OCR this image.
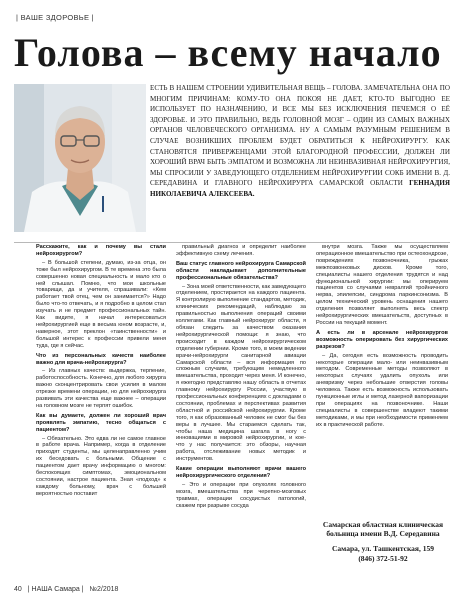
| ВАШЕ ЗДОРОВЬЕ |
Голова – всему начало
ЕСТЬ В НАШЕМ СТРОЕНИИ УДИВИТЕЛЬНАЯ ВЕЩЬ – ГОЛОВА. ЗАМЕЧАТЕЛЬНА ОНА ПО МНОГИМ ПРИЧИНАМ: КОМУ-ТО ОНА ПОКОЯ НЕ ДАЕТ, КТО-ТО ВЫГОДНО ЕЕ ИСПОЛЬЗУЕТ ПО НАЗНАЧЕНИЮ, И ВСЕ МЫ БЕЗ ИСКЛЮЧЕНИЯ ПЕЧЕМСЯ О ЕЁ ЗДОРОВЬЕ. И ЭТО ПРАВИЛЬНО, ВЕДЬ ГОЛОВНОЙ МОЗГ – ОДИН ИЗ САМЫХ ВАЖНЫХ ОРГАНОВ ЧЕЛОВЕЧЕСКОГО ОРГАНИЗМА. НУ А САМЫМ РАЗУМНЫМ РЕШЕНИЕМ В СЛУЧАЕ ВОЗНИКШИХ ПРОБЛЕМ БУДЕТ ОБРАТИТЬСЯ К НЕЙРОХИРУРГУ. КАК СТАНОВЯТСЯ ПРИВЕРЖЕНЦАМИ ЭТОЙ БЛАГОРОДНОЙ ПРОФЕССИИ, ДОЛЖЕН ЛИ ХОРОШИЙ ВРАЧ БЫТЬ ЭМПАТОМ И ВОЗМОЖНА ЛИ НЕИНВАЗИВНАЯ НЕЙРОХИРУРГИЯ, МЫ СПРОСИЛИ У ЗАВЕДУЮЩЕГО ОТДЕЛЕНИЕМ НЕЙРОХИРУРГИИ СОКБ ИМЕНИ В. Д. СЕРЕДАВИНА И ГЛАВНОГО НЕЙРОХИРУРГА САМАРСКОЙ ОБЛАСТИ ГЕННАДИЯ НИКОЛАЕВИЧА АЛЕКСЕЕВА.

Расскажите, как и почему вы стали нейрохирургом?

– В большой степени, думаю, из-за отца, он тоже был нейрохирургом. В те времена это была совершенно новая специальность и мало кто о ней слышал. Помню, что мои школьные товарищи, да и учителя, спрашивали: «Кем работает твой отец, чем он занимается?» Надо было что-то отвечать, и я подробно в целом стал изучать и не предмет профессиональных тайн. Как видите, я начал интересоваться нейрохирургией еще в весьма юном возрасте, и, наверное, этот преклон «таинственности» и большой интерес к профессии привели меня туда, где я сейчас.

Что из персональных качеств наиболее важно для врача-нейрохирурга?

– Из главных качеств: выдержка, терпение, работоспособность. Конечно, для любого хирурга важно сконцентрировать свои усилия в малом отрезке времени операции, но для нейрохирурга развивать эти качества еще важнее – операции на головном мозге не терпят ошибок.

Как вы думаете, должен ли хороший врач проявлять эмпатию, тесно общаться с пациентом?

– Обязательно. Это едва ли не самое главное в работе врача. Например, когда в отделение приходят студенты, мы целенаправленно учим их беседовать с больными. Общение с пациентом дает врачу информацию о многом: беспокоящих симптомах, эмоциональном состоянии, настрое пациента. Зная «подход» к каждому больному, врач с большей вероятностью поставит

правильный диагноз и определит наиболее эффективную схему лечения.

Ваш статус главного нейрохирурга Самарской области накладывает дополнительные профессиональные обязательства?

– Зона моей ответственности, как заведующего отделением, простирается на каждого пациента. Я контролирую выполнение стандартов, методик, клинических рекомендаций, наблюдаю за правильностью выполнения операций своими коллегами. Как главный нейрохирург области, я обязан следить за качеством оказания нейрохирургической помощи: я знаю, что происходит в каждом нейрохирургическом отделении губернии. Кроме того, в моем ведении врачи-нейрохирурги санитарной авиации Самарской области – вся информация по сложным случаям, требующим немедленного вмешательства, проходит через меня. И конечно, я ежегодно представляю нашу область в отчетах главному нейрохирургу России, участвую в профессиональных конференциях с докладами о состоянии, проблемах и перспективах развития областной и российской нейрохирургии. Кроме того, я как образованный человек не смог бы без веры в лучшее. Мы стараемся сделать так, чтобы наша медицина шагала в ногу с инновациями в мировой нейрохирургии, и кое-что у нас получается: это обзоры, научная работа, отслеживание новых методик и инструментов.

Какие операции выполняют врачи вашего нейрохирургического отделения?

– Это и операции при опухолях головного мозга, вмешательства при черепно-мозговых травмах, операции сосудистых патологий, скажем при разрыве сосуда

внутри мозга. Также мы осуществляем операционное вмешательство при остеохондрозе, повреждениях позвоночника, грыжах межпозвонковых дисков. Кроме того, специалисты нашего отделения трудятся и над функциональной хирургии: мы оперируем пациентов со случаями невралгий тройничного нерва, эпилепсии, синдрома паркинсонизма. В целом технический уровень оснащения нашего отделения позволяет выполнять весь спектр нейрохирургических вмешательств, доступных в России на текущий момент.

А есть ли в арсенале нейрохирургов возможность оперировать без хирургических разрезов?

– Да, сегодня есть возможность проводить некоторые операции мало- или неинвазивным методом. Современные методы позволяют в некоторых случаях удалить опухоль или аневризму через небольшие отверстия головы человека. Также есть возможность использовать пункционные иглы и метод лазерной вапоризации при операциях на позвоночнике. Наши специалисты в совершенстве владеют такими методиками, и мы при необходимости применяем их в практической работе.

Самарская областная клиническая больница имени В.Д. Середавина
Самара, ул. Ташкентская, 159
(846) 372-51-92
40 | НАША Самара | №2/2018
